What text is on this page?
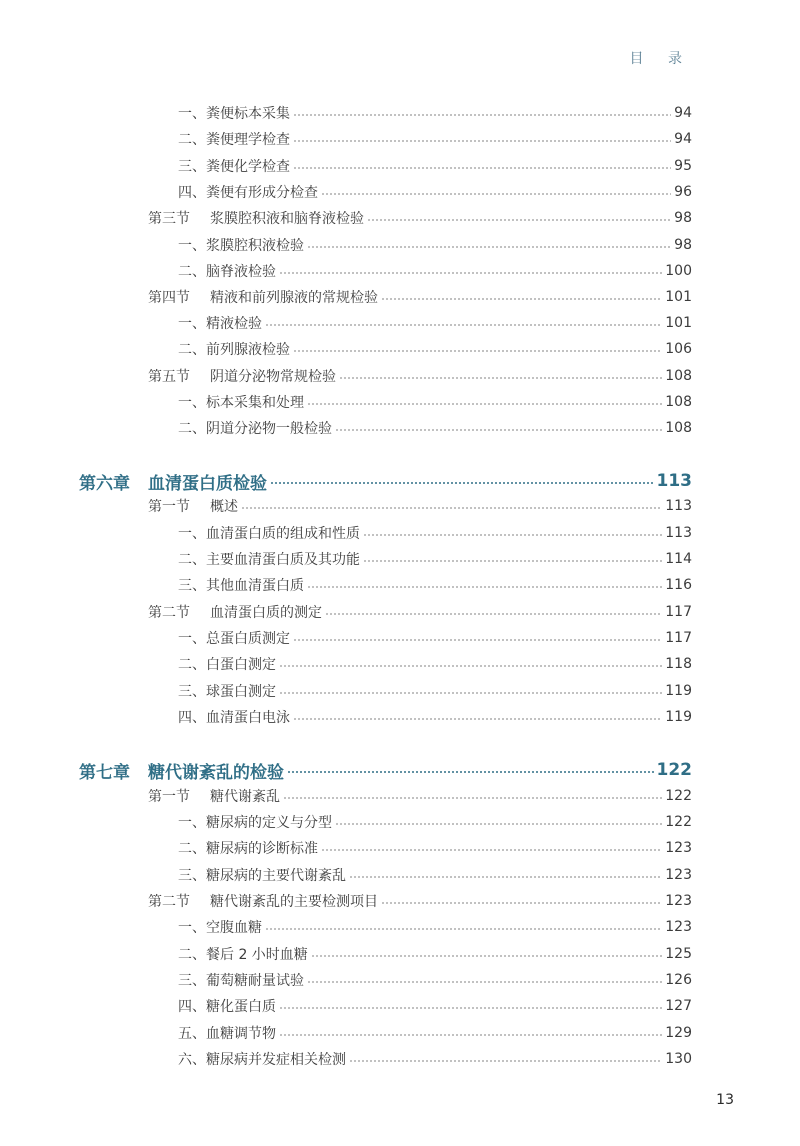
目 录
一、粪便标本采集	94
二、粪便理学检查	94
三、粪便化学检查	95
四、粪便有形成分检查	96
第三节	浆膜腔积液和脑脊液检验	98
一、浆膜腔积液检验	98
二、脑脊液检验	100
第四节	精液和前列腺液的常规检验	101
一、精液检验	101
二、前列腺液检验	106
第五节	阴道分泌物常规检验	108
一、标本采集和处理	108
二、阴道分泌物一般检验	108
第六章	血清蛋白质检验	113
第一节	概述	113
一、血清蛋白质的组成和性质	113
二、主要血清蛋白质及其功能	114
三、其他血清蛋白质	116
第二节	血清蛋白质的测定	117
一、总蛋白质测定	117
二、白蛋白测定	118
三、球蛋白测定	119
四、血清蛋白电泳	119
第七章	糖代谢紊乱的检验	122
第一节	糖代谢紊乱	122
一、糖尿病的定义与分型	122
二、糖尿病的诊断标准	123
三、糖尿病的主要代谢紊乱	123
第二节	糖代谢紊乱的主要检测项目	123
一、空腹血糖	123
二、餐后 2 小时血糖	125
三、葡萄糖耐量试验	126
四、糖化蛋白质	127
五、血糖调节物	129
六、糖尿病并发症相关检测	130
13
